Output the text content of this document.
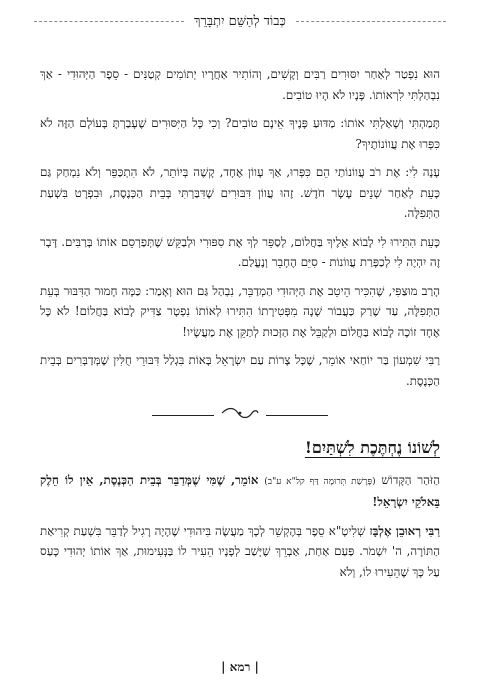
כְּבוֹד לְהַשֵּׁם יִתְבָּרֵךְ

הוּא נִפְטַר לְאַחַר יִסּוּרִים רַבִּים וְקָשִׁים, וְהוֹתִיר אַחֲרָיו יְתוֹמִים קְטַנִּים - סֵפֶר הַיְּהוּדִי - אַךְ נִבְהַלְתִּי לִרְאוֹתוֹ. פָּנָיו לֹא הָיוּ טוֹבִים.

תָּמַהְתִּי וְשָׁאַלְתִּי אוֹתוֹ: מַדּוּעַ פָּנֶיךָ אֵינָם טוֹבִים? וְכִי כָּל הַיִּסּוּרִים שֶׁעָבַרְתָּ בָּעוֹלָם הַזֶּה לֹא כִּפְּרוּ אֶת עֲווֹנוֹתֶיךָ?

עָנָה לִי: אֶת רֹב עֲווֹנוֹתַי הֵם כִּפְּרוּ, אַךְ עָווֹן אֶחָד, קָשֶׁה בְּיוֹתֵר, לֹא הִתְכַּפֵּר וְלֹא נִמְחַק גַּם כָּעֵת לְאַחַר שְׁנֵים עָשָׂר חֹדֶשׁ. זֶהוּ עֲווֹן דִּבּוּרִים שֶׁדִּבַּרְתִּי בְּבֵית הַכְּנֶסֶת, וּבִפְרָט בִּשְׁעַת הַתְּפִלָּה.

כָּעֵת הִתִּירוּ לִי לָבוֹא אֵלֶיךָ בַּחֲלוֹם, לְסַפֵּר לְךָ אֶת סִפּוּרִי וּלְבַקֵּשׁ שֶׁתְּפַרְסֵם אוֹתוֹ בָּרַבִּים. דָּבָר זֶה יִהְיֶה לִי לְכַפָּרַת עֲווֹנוֹת - סִיֵּם הֶחָבֵר וְנֶעֱלַם.

הָרַב מוּצַפִּי, שֶׁהִכִּיר הֵיטֵב אֶת הַיְּהוּדִי הַמְדַבֵּר, נִבְהַל גַּם הוּא וְאָמַר: כַּמָּה חָמוּר הַדִּבּוּר בְּעֵת הַתְּפִלָּה, עַד שֶׁרַק כַּעֲבוֹר שָׁנָה מִפְּטִירָתוֹ הִתִּירוּ לְאוֹתוֹ נִפְטָר צַדִּיק לָבוֹא בַּחֲלוֹם! לֹא כָּל אֶחָד זוֹכֶה לָבוֹא בַּחֲלוֹם וּלְקַבֵּל אֶת הַזְּכוּת לְתַקֵּן אֶת מַעֲשָׂיו!

רַבִּי שִׁמְעוֹן בַּר יוֹחַאי אוֹמֵר, שֶׁכָּל צָרוֹת עַם יִשְׂרָאֵל בָּאוֹת בִּגְלַל דִּבּוּרֵי חֻלִּין שֶׁמְּדַבְּרִים בְּבֵית הַכְּנֶסֶת.

לְשׁוֹנוֹ נֶחְתֶּכֶת לִשְׁתַּיִם!

הַזֹּהַר הַקָּדוֹשׁ (פָּרָשַׁת תְּרוּמָה דַּף קל"א ע"ב) אוֹמֵר, שֶׁמִּי שֶׁמְּדַבֵּר בְּבֵית הַכְּנֶסֶת, אֵין לוֹ חֵלֶק בֵּאלֹקֵי יִשְׂרָאֵל!

רַבִּי רְאוּבֵן אֶלְבָּז שְׁלִיטָ"א סֵפֶר בְּהֶקְשֵׁר לְכָךְ מַעֲשֶׂה בִּיהוּדִי שֶׁהָיָה רָגִיל לְדַבֵּר בִּשְׁעַת קְרִיאַת הַתּוֹרָה, ה' יִשְׁמֹר. פַּעַם אַחַת, אַבְרֵךְ שֶׁיָּשַׁב לְפָנָיו הֵעִיר לוֹ בַּנְּעִימוּת, אַךְ אוֹתוֹ יְהוּדִי כָּעַס עַל כָּךְ שֶׁהֵעִירוּ לוֹ, וְלֹא

| רמא |
